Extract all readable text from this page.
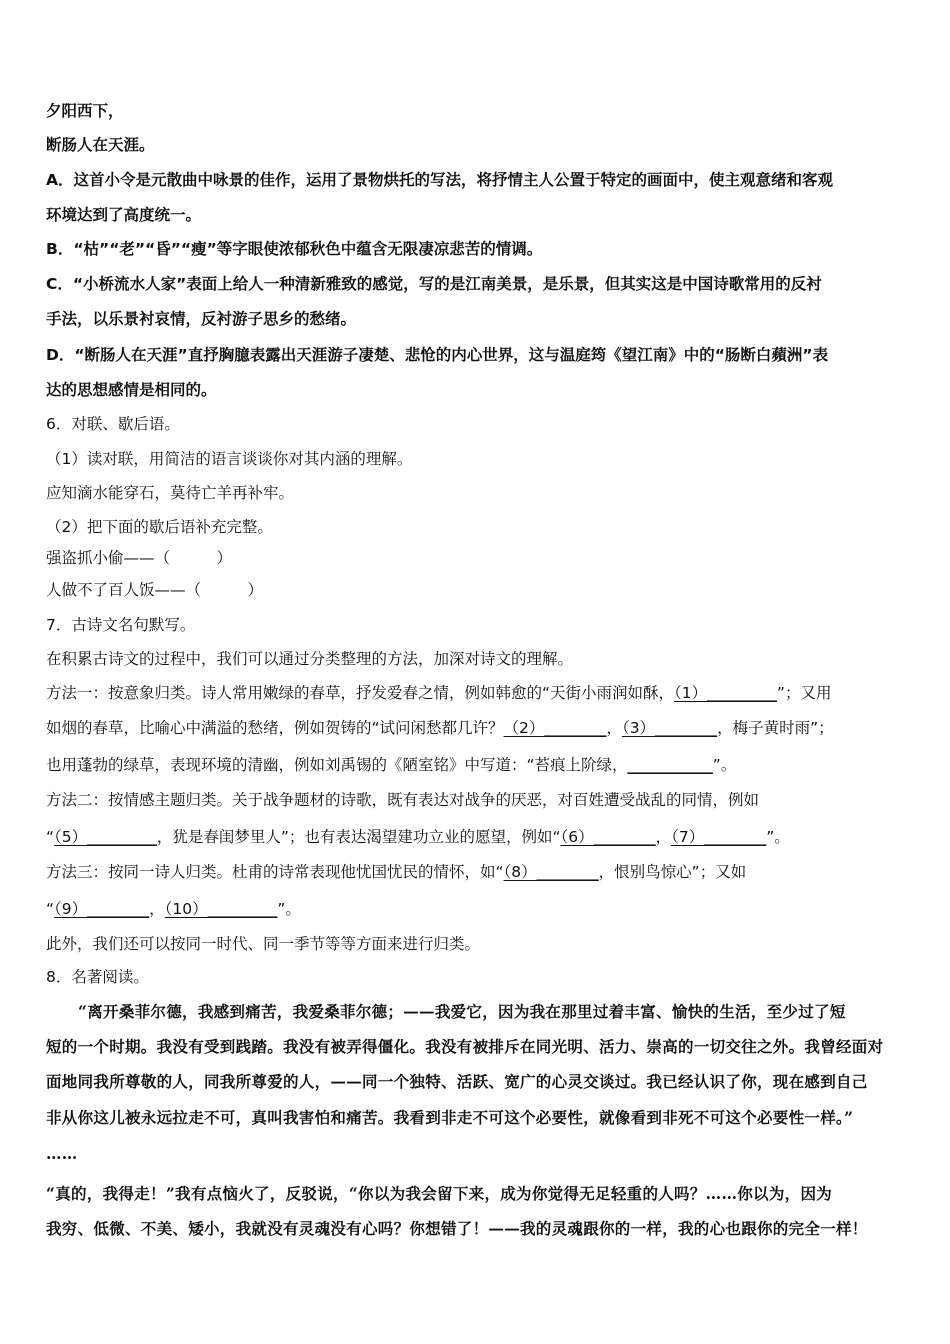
夕阳西下，
断肠人在天涯。
A．这首小令是元散曲中咏景的佳作，运用了景物烘托的写法，将抒情主人公置于特定的画面中，使主观意绪和客观
环境达到了高度统一。
B．“枯”“老”“昏”“瘦”等字眼使浓郁秋色中蕴含无限凄凉悲苦的情调。
C．“小桥流水人家”表面上给人一种清新雅致的感觉，写的是江南美景，是乐景，但其实这是中国诗歌常用的反衬
手法，以乐景衬哀情，反衬游子思乡的愁绪。
D．“断肠人在天涯”直抒胸臆表露出天涯游子凄楚、悲怆的内心世界，这与温庭筠《望江南》中的“肠断白蘋洲”表
达的思想感情是相同的。
6．对联、歇后语。
（1）读对联，用简洁的语言谈谈你对其内涵的理解。
应知滴水能穿石，莫待亡羊再补牢。
（2）把下面的歇后语补充完整。
强盗抓小偷——（　　　）
人做不了百人饭——（　　　）
7．古诗文名句默写。
在积累古诗文的过程中，我们可以通过分类整理的方法，加深对诗文的理解。
方法一：按意象归类。诗人常用嫩绿的春草，抒发爱春之情，例如韩愈的“天街小雨润如酥，（1）_________”；又用
如烟的春草，比喻心中满溢的愁绪，例如贺铸的“试问闲愁都几许？（2）________，（3）________，梅子黄时雨”；
也用蓬勃的绿草，表现环境的清幽，例如刘禹锡的《陋室铭》中写道：“苔痕上阶绿，___________”。
方法二：按情感主题归类。关于战争题材的诗歌，既有表达对战争的厌恶，对百姓遭受战乱的同情，例如
“（5）_________，犹是春闺梦里人”；也有表达渴望建功立业的愿望，例如“（6）________，（7）________”。
方法三：按同一诗人归类。杜甫的诗常表现他忧国忧民的情怀，如“（8）________，恨别鸟惊心”；又如
“（9）________，（10）_________”。
此外，我们还可以按同一时代、同一季节等等方面来进行归类。
8．名著阅读。
“离开桑菲尔德，我感到痛苦，我爱桑菲尔德；——我爱它，因为我在那里过着丰富、愉快的生活，至少过了短
短的一个时期。我没有受到践踏。我没有被弄得僵化。我没有被排斥在同光明、活力、崇高的一切交往之外。我曾经面对
面地同我所尊敬的人，同我所尊爱的人，——同一个独特、活跃、宽广的心灵交谈过。我已经认识了你，现在感到自己
非从你这儿被永远拉走不可，真叫我害怕和痛苦。我看到非走不可这个必要性，就像看到非死不可这个必要性一样。”
……
“真的，我得走！”我有点恼火了，反驳说，“你以为我会留下来，成为你觉得无足轻重的人吗？……你以为，因为
我穷、低微、不美、矮小，我就没有灵魂没有心吗？你想错了！——我的灵魂跟你的一样，我的心也跟你的完全一样！
